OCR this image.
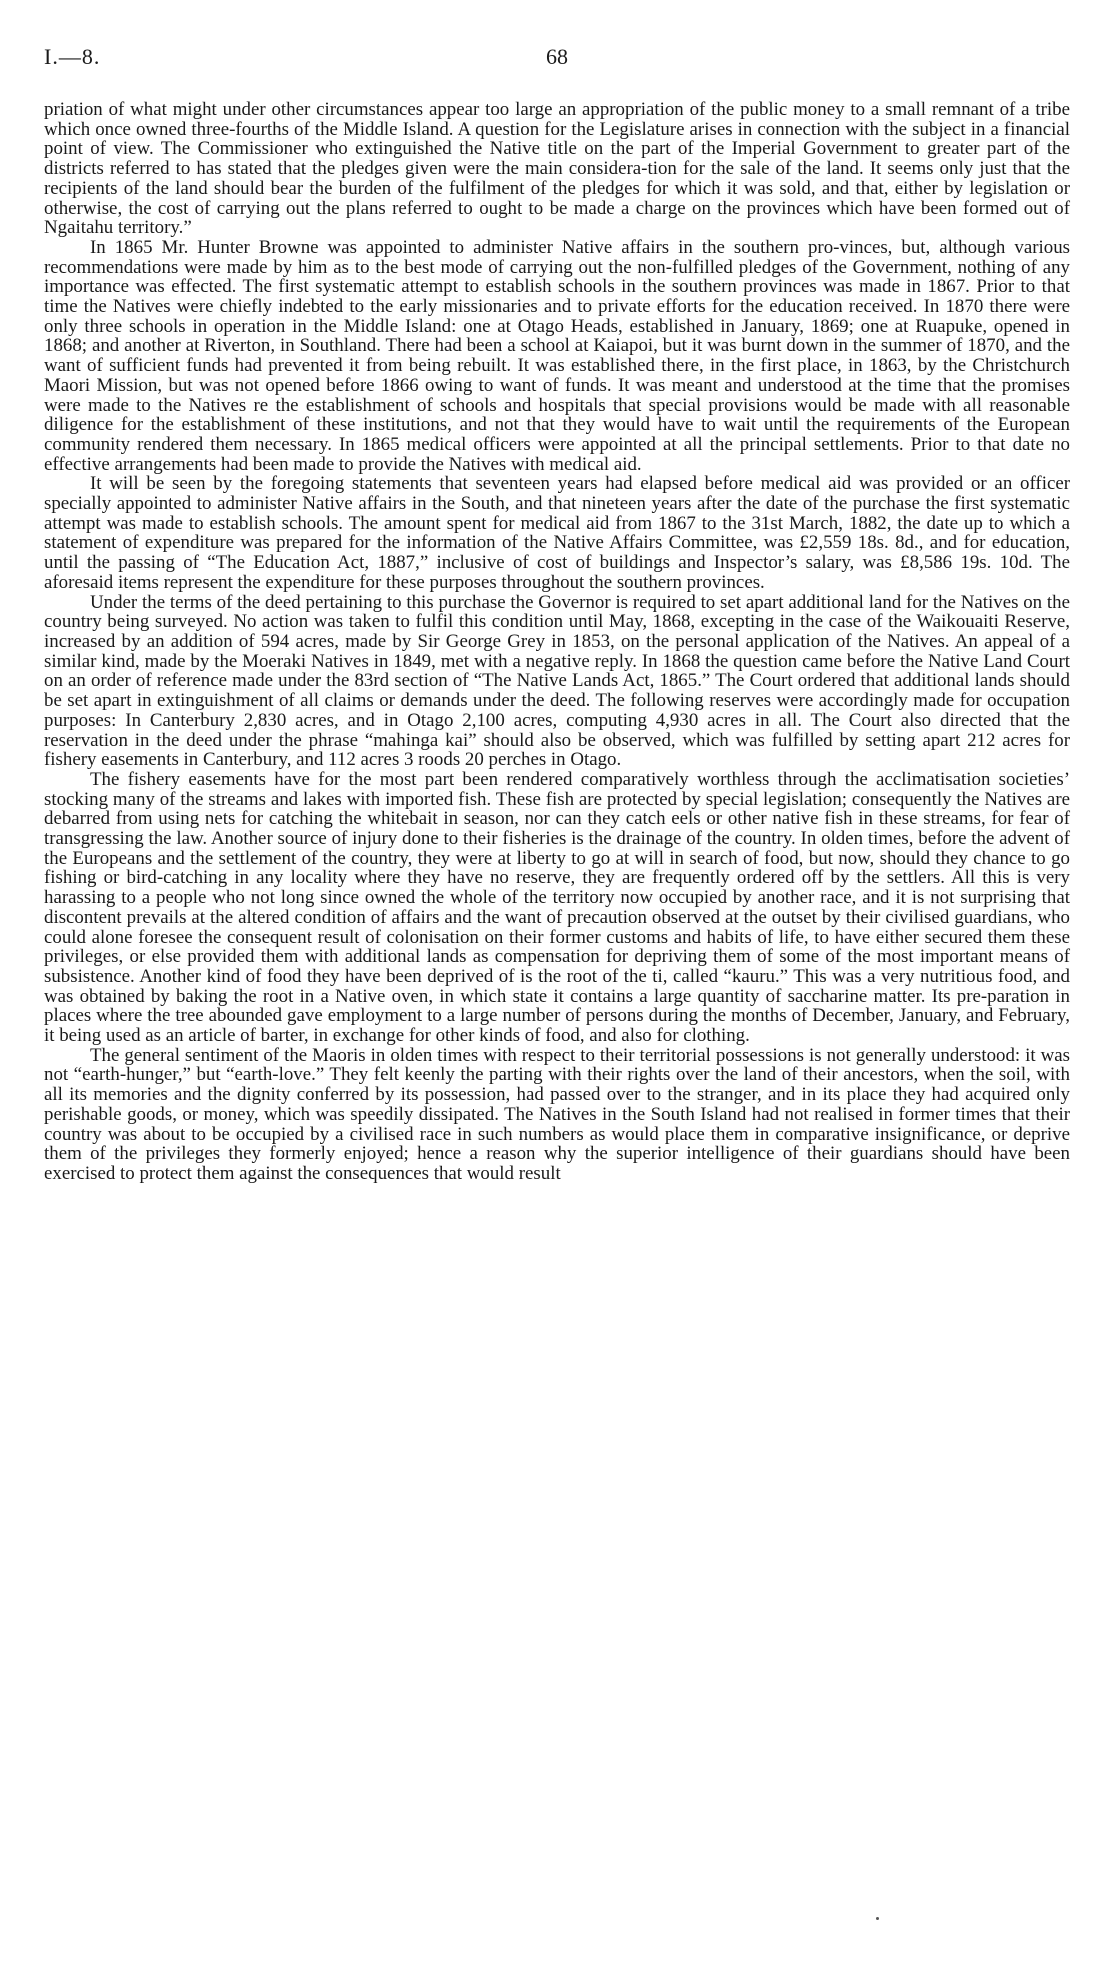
I.—8.	68

priation of what might under other circumstances appear too large an appropriation of the public money to a small remnant of a tribe which once owned three-fourths of the Middle Island. A question for the Legislature arises in connection with the subject in a financial point of view. The Commissioner who extinguished the Native title on the part of the Imperial Government to greater part of the districts referred to has stated that the pledges given were the main considera-tion for the sale of the land. It seems only just that the recipients of the land should bear the burden of the fulfilment of the pledges for which it was sold, and that, either by legislation or otherwise, the cost of carrying out the plans referred to ought to be made a charge on the provinces which have been formed out of Ngaitahu territory.”

In 1865 Mr. Hunter Browne was appointed to administer Native affairs in the southern pro-vinces, but, although various recommendations were made by him as to the best mode of carrying out the non-fulfilled pledges of the Government, nothing of any importance was effected. The first systematic attempt to establish schools in the southern provinces was made in 1867. Prior to that time the Natives were chiefly indebted to the early missionaries and to private efforts for the education received. In 1870 there were only three schools in operation in the Middle Island: one at Otago Heads, established in January, 1869; one at Ruapuke, opened in 1868; and another at Riverton, in Southland. There had been a school at Kaiapoi, but it was burnt down in the summer of 1870, and the want of sufficient funds had prevented it from being rebuilt. It was established there, in the first place, in 1863, by the Christchurch Maori Mission, but was not opened before 1866 owing to want of funds. It was meant and understood at the time that the promises were made to the Natives re the establishment of schools and hospitals that special provisions would be made with all reasonable diligence for the establishment of these institutions, and not that they would have to wait until the requirements of the European community rendered them necessary. In 1865 medical officers were appointed at all the principal settlements. Prior to that date no effective arrangements had been made to provide the Natives with medical aid.

It will be seen by the foregoing statements that seventeen years had elapsed before medical aid was provided or an officer specially appointed to administer Native affairs in the South, and that nineteen years after the date of the purchase the first systematic attempt was made to establish schools. The amount spent for medical aid from 1867 to the 31st March, 1882, the date up to which a statement of expenditure was prepared for the information of the Native Affairs Committee, was £2,559 18s. 8d., and for education, until the passing of “The Education Act, 1887,” inclusive of cost of buildings and Inspector’s salary, was £8,586 19s. 10d. The aforesaid items represent the expenditure for these purposes throughout the southern provinces.

Under the terms of the deed pertaining to this purchase the Governor is required to set apart additional land for the Natives on the country being surveyed. No action was taken to fulfil this condition until May, 1868, excepting in the case of the Waikouaiti Reserve, increased by an addition of 594 acres, made by Sir George Grey in 1853, on the personal application of the Natives. An appeal of a similar kind, made by the Moeraki Natives in 1849, met with a negative reply. In 1868 the question came before the Native Land Court on an order of reference made under the 83rd section of “The Native Lands Act, 1865.” The Court ordered that additional lands should be set apart in extinguishment of all claims or demands under the deed. The following reserves were accordingly made for occupation purposes: In Canterbury 2,830 acres, and in Otago 2,100 acres, computing 4,930 acres in all. The Court also directed that the reservation in the deed under the phrase “mahinga kai” should also be observed, which was fulfilled by setting apart 212 acres for fishery easements in Canterbury, and 112 acres 3 roods 20 perches in Otago.

The fishery easements have for the most part been rendered comparatively worthless through the acclimatisation societies’ stocking many of the streams and lakes with imported fish. These fish are protected by special legislation; consequently the Natives are debarred from using nets for catching the whitebait in season, nor can they catch eels or other native fish in these streams, for fear of transgressing the law. Another source of injury done to their fisheries is the drainage of the country. In olden times, before the advent of the Europeans and the settlement of the country, they were at liberty to go at will in search of food, but now, should they chance to go fishing or bird-catching in any locality where they have no reserve, they are frequently ordered off by the settlers. All this is very harassing to a people who not long since owned the whole of the territory now occupied by another race, and it is not surprising that discontent prevails at the altered condition of affairs and the want of precaution observed at the outset by their civilised guardians, who could alone foresee the consequent result of colonisation on their former customs and habits of life, to have either secured them these privileges, or else provided them with additional lands as compensation for depriving them of some of the most important means of subsistence. Another kind of food they have been deprived of is the root of the ti, called “kauru.” This was a very nutritious food, and was obtained by baking the root in a Native oven, in which state it contains a large quantity of saccharine matter. Its pre-paration in places where the tree abounded gave employment to a large number of persons during the months of December, January, and February, it being used as an article of barter, in exchange for other kinds of food, and also for clothing.

The general sentiment of the Maoris in olden times with respect to their territorial possessions is not generally understood: it was not “earth-hunger,” but “earth-love.” They felt keenly the parting with their rights over the land of their ancestors, when the soil, with all its memories and the dignity conferred by its possession, had passed over to the stranger, and in its place they had acquired only perishable goods, or money, which was speedily dissipated. The Natives in the South Island had not realised in former times that their country was about to be occupied by a civilised race in such numbers as would place them in comparative insignificance, or deprive them of the privileges they formerly enjoyed; hence a reason why the superior intelligence of their guardians should have been exercised to protect them against the consequences that would result
